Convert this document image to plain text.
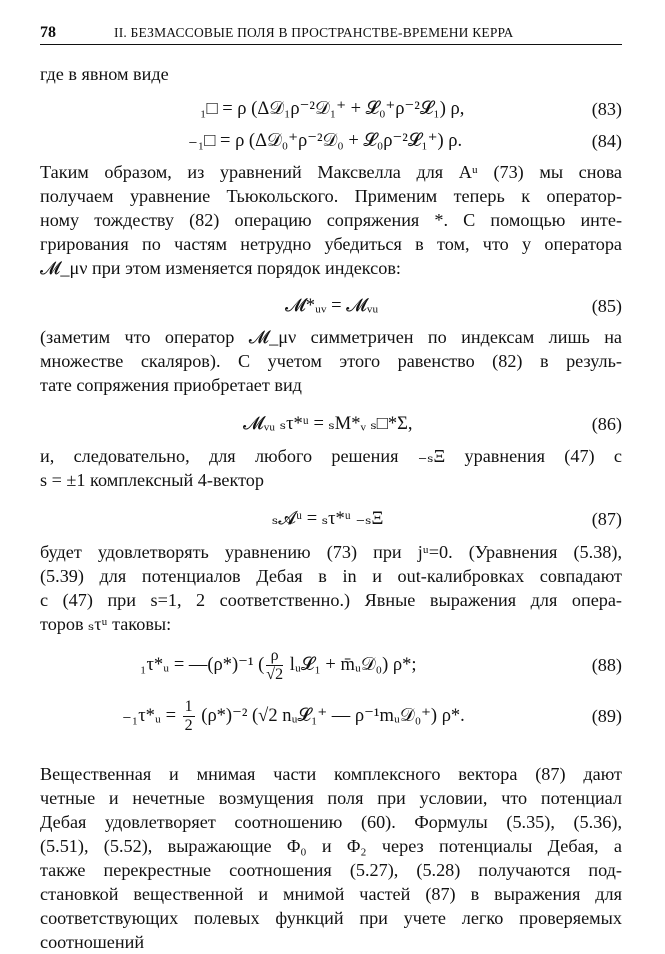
78	II. БЕЗМАССОВЫЕ ПОЛЯ В ПРОСТРАНСТВЕ-ВРЕМЕНИ КЕРРА
где в явном виде
₁□ = ρ (Δ𝒟₁ρ⁻²𝒟₁⁺ + 𝓛₀⁺ρ⁻²𝓛₁) ρ,	(83)
₋₁□ = ρ (Δ𝒟₀⁺ρ⁻²𝒟₀ + 𝓛₀ρ⁻²𝓛₁⁺) ρ.	(84)
Таким образом, из уравнений Максвелла для Aᵘ (73) мы снова
получаем уравнение Тьюкольского. Применим теперь к оператор-
ному тождеству (82) операцию сопряжения *. С помощью инте-
грирования по частям нетрудно убедиться в том, что у оператора
𝓜_μν при этом изменяется порядок индексов:
𝓜*ᵤᵥ = 𝓜ᵥᵤ	(85)
(заметим что оператор 𝓜_μν симметричен по индексам лишь на
множестве скаляров). С учетом этого равенство (82) в резуль-
тате сопряжения приобретает вид
𝓜ᵥᵤ ₛτ*ᵘ = ₛM*ᵥ ₛ□*Σ,	(86)
и, следовательно, для любого решения ₋ₛΞ уравнения (47) с
s = ±1 комплексный 4-вектор
ₛ𝓐ᵘ = ₛτ*ᵘ ₋ₛΞ	(87)
будет удовлетворять уравнению (73) при jᵘ=0. (Уравнения (5.38),
(5.39) для потенциалов Дебая в in и out-калибровках совпадают
с (47) при s=1, 2 соответственно.) Явные выражения для опера-
торов ₛτᵘ таковы:
₁τ*ᵤ = —(ρ*)⁻¹ ( $\frac{\rho}{√2}$ lᵤ𝓛₁ + m̄ᵤ𝒟₀) ρ*;	(88)
₋₁τ*ᵤ = $\frac{1}{2} (\rho*)^{-2}$ (√2 nᵤ𝓛₁⁺ — ρ⁻¹mᵤ𝒟₀⁺) ρ*.	(89)
Вещественная и мнимая части комплексного вектора (87) дают
четные и нечетные возмущения поля при условии, что потенциал
Дебая удовлетворяет соотношению (60). Формулы (5.35), (5.36),
(5.51), (5.52), выражающие Φ₀ и Φ₂ через потенциалы Дебая, а
также перекрестные соотношения (5.27), (5.28) получаются под-
становкой вещественной и мнимой частей (87) в выражения для
соответствующих полевых функций при учете легко проверяемых
соотношений
